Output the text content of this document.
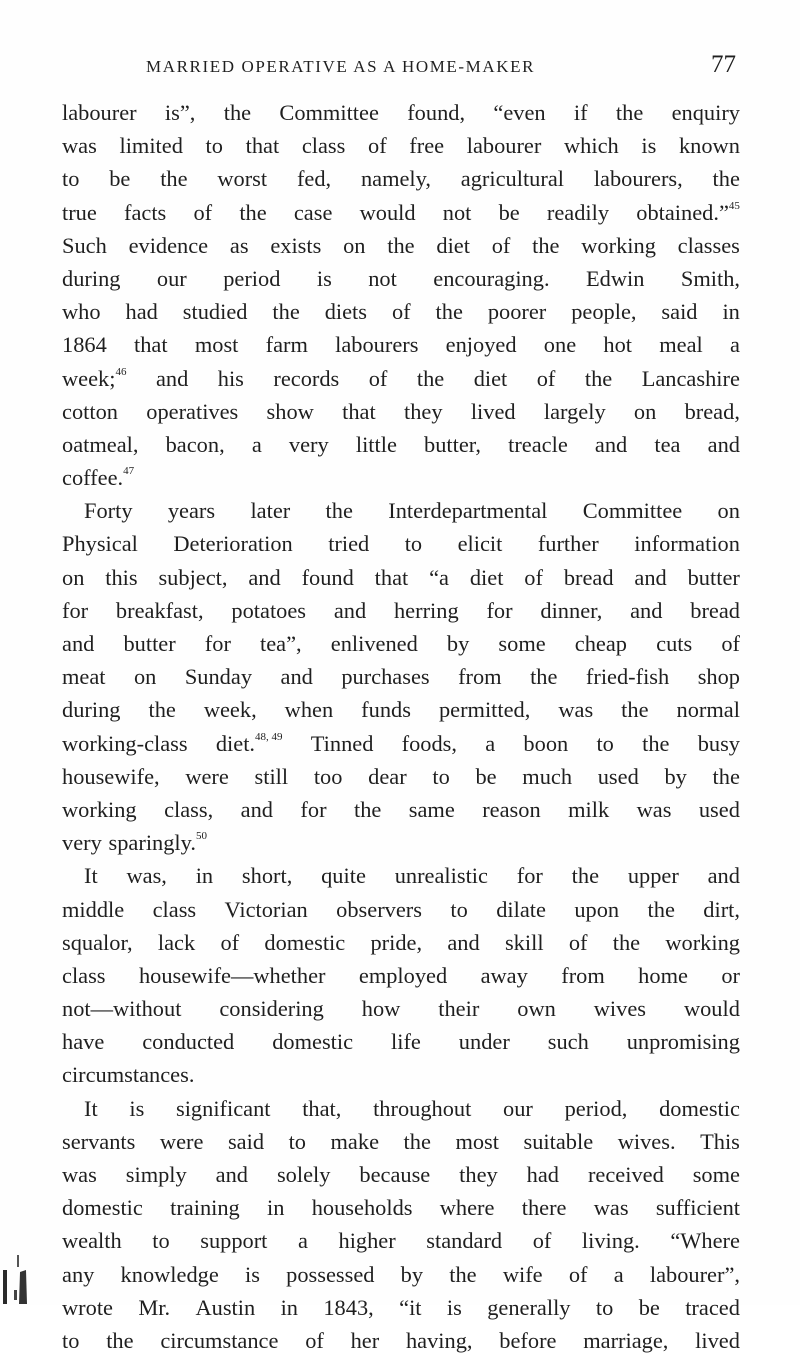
MARRIED OPERATIVE AS A HOME-MAKER	77
labourer is”, the Committee found, “even if the enquiry
was limited to that class of free labourer which is known
to be the worst fed, namely, agricultural labourers, the
true facts of the case would not be readily obtained.”$^{45}$
Such evidence as exists on the diet of the working classes
during our period is not encouraging. Edwin Smith,
who had studied the diets of the poorer people, said in
1864 that most farm labourers enjoyed one hot meal a
week;$^{46}$ and his records of the diet of the Lancashire
cotton operatives show that they lived largely on bread,
oatmeal, bacon, a very little butter, treacle and tea and
coffee.$^{47}$
Forty years later the Interdepartmental Committee on
Physical Deterioration tried to elicit further information
on this subject, and found that “a diet of bread and butter
for breakfast, potatoes and herring for dinner, and bread
and butter for tea”, enlivened by some cheap cuts of
meat on Sunday and purchases from the fried-fish shop
during the week, when funds permitted, was the normal
working-class diet.$^{48, 49}$ Tinned foods, a boon to the busy
housewife, were still too dear to be much used by the
working class, and for the same reason milk was used
very sparingly.$^{50}$
It was, in short, quite unrealistic for the upper and
middle class Victorian observers to dilate upon the dirt,
squalor, lack of domestic pride, and skill of the working
class housewife—whether employed away from home or
not—without considering how their own wives would
have conducted domestic life under such unpromising
circumstances.
It is significant that, throughout our period, domestic
servants were said to make the most suitable wives. This
was simply and solely because they had received some
domestic training in households where there was sufficient
wealth to support a higher standard of living. “Where
any knowledge is possessed by the wife of a labourer”,
wrote Mr. Austin in 1843, “it is generally to be traced
to the circumstance of her having, before marriage, lived
